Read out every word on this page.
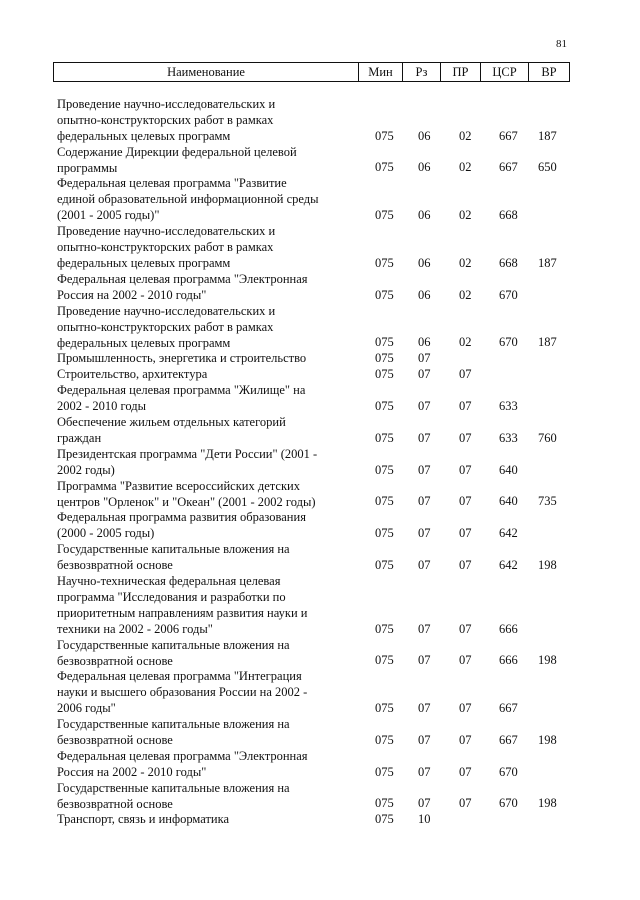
81
Наименование	Мин	Рз	ПР	ЦСР	ВР
Проведение научно-исследовательских и
опытно-конструкторских работ в рамках
федеральных целевых программ	075 06 02 667 187
Содержание Дирекции федеральной целевой
программы	075 06 02 667 650
Федеральная целевая программа "Развитие
единой образовательной информационной среды
(2001 - 2005 годы)"	075 06 02 668
Проведение научно-исследовательских и
опытно-конструкторских работ в рамках
федеральных целевых программ	075 06 02 668 187
Федеральная целевая программа "Электронная
Россия на 2002 - 2010 годы"	075 06 02 670
Проведение научно-исследовательских и
опытно-конструкторских работ в рамках
федеральных целевых программ	075 06 02 670 187
Промышленность, энергетика и строительство	075 07
Строительство, архитектура	075 07 07
Федеральная целевая программа "Жилище" на
2002 - 2010 годы	075 07 07 633
Обеспечение жильем отдельных категорий
граждан	075 07 07 633 760
Президентская программа "Дети России" (2001 -
2002 годы)	075 07 07 640
Программа "Развитие всероссийских детских
центров "Орленок" и "Океан" (2001 - 2002 годы)	075 07 07 640 735
Федеральная программа развития образования
(2000 - 2005 годы)	075 07 07 642
Государственные капитальные вложения на
безвозвратной основе	075 07 07 642 198
Научно-техническая федеральная целевая
программа "Исследования и разработки по
приоритетным направлениям развития науки и
техники на 2002 - 2006 годы"	075 07 07 666
Государственные капитальные вложения на
безвозвратной основе	075 07 07 666 198
Федеральная целевая программа "Интеграция
науки и высшего образования России на 2002 -
2006 годы"	075 07 07 667
Государственные капитальные вложения на
безвозвратной основе	075 07 07 667 198
Федеральная целевая программа "Электронная
Россия на 2002 - 2010 годы"	075 07 07 670
Государственные капитальные вложения на
безвозвратной основе	075 07 07 670 198
Транспорт, связь и информатика	075 10
